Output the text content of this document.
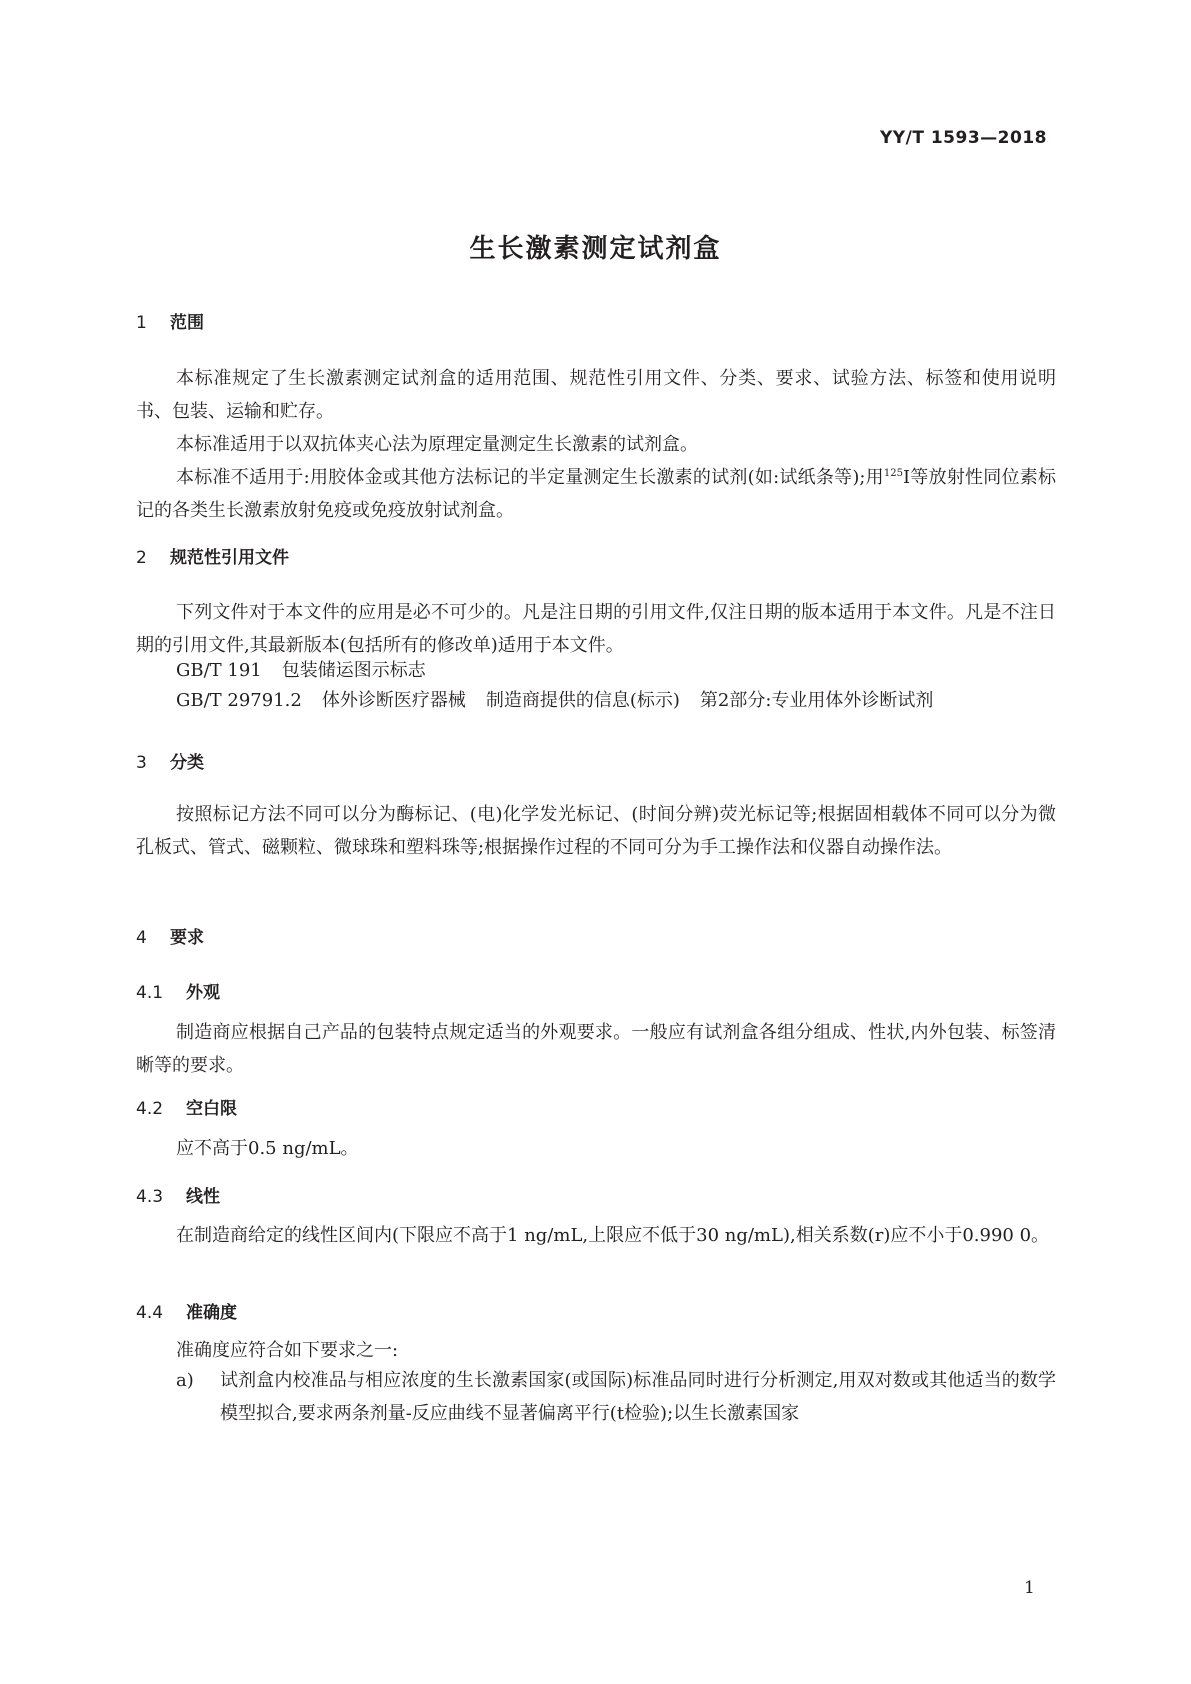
YY/T 1593—2018
生长激素测定试剂盒
1 范围
本标准规定了生长激素测定试剂盒的适用范围、规范性引用文件、分类、要求、试验方法、标签和使用说明书、包装、运输和贮存。
本标准适用于以双抗体夹心法为原理定量测定生长激素的试剂盒。
本标准不适用于:用胶体金或其他方法标记的半定量测定生长激素的试剂(如:试纸条等);用$^{125}$I等放射性同位素标记的各类生长激素放射免疫或免疫放射试剂盒。
2 规范性引用文件
下列文件对于本文件的应用是必不可少的。凡是注日期的引用文件,仅注日期的版本适用于本文件。凡是不注日期的引用文件,其最新版本(包括所有的修改单)适用于本文件。
GB/T 191 包装储运图示标志
GB/T 29791.2 体外诊断医疗器械 制造商提供的信息(标示) 第2部分:专业用体外诊断试剂
3 分类
按照标记方法不同可以分为酶标记、(电)化学发光标记、(时间分辨)荧光标记等;根据固相载体不同可以分为微孔板式、管式、磁颗粒、微球珠和塑料珠等;根据操作过程的不同可分为手工操作法和仪器自动操作法。
4 要求
4.1 外观
制造商应根据自己产品的包装特点规定适当的外观要求。一般应有试剂盒各组分组成、性状,内外包装、标签清晰等的要求。
4.2 空白限
应不高于0.5 ng/mL。
4.3 线性
在制造商给定的线性区间内(下限应不高于1 ng/mL,上限应不低于30 ng/mL),相关系数(r)应不小于0.990 0。
4.4 准确度
准确度应符合如下要求之一:
a)	试剂盒内校准品与相应浓度的生长激素国家(或国际)标准品同时进行分析测定,用双对数或其他适当的数学模型拟合,要求两条剂量-反应曲线不显著偏离平行(t检验);以生长激素国家
1
